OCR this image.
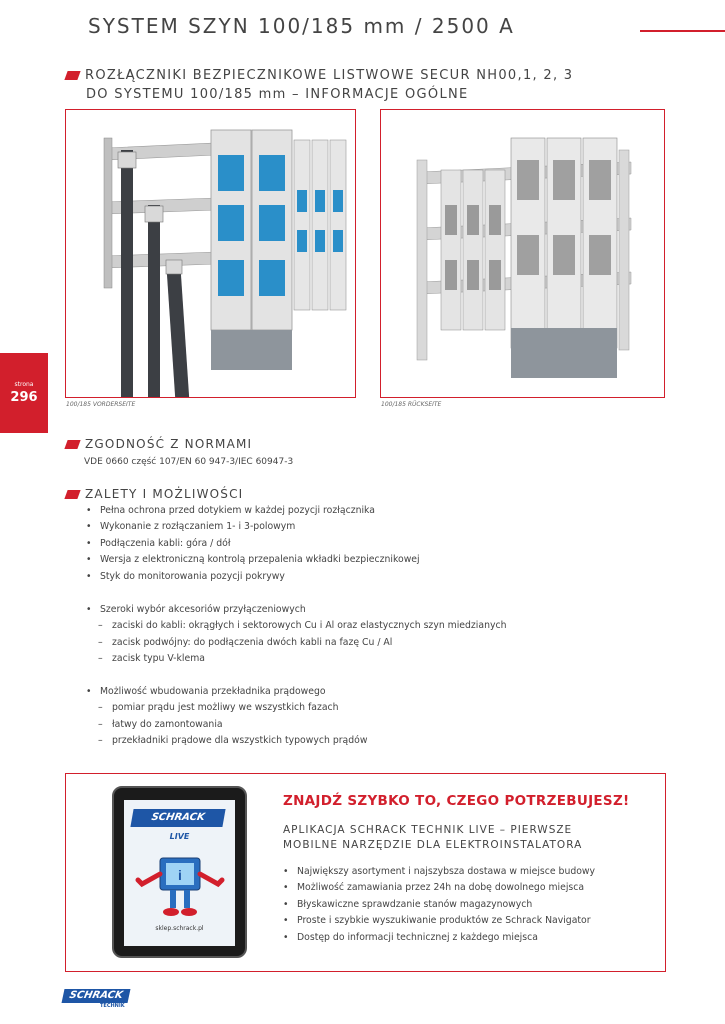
SYSTEM SZYN 100/185 mm / 2500 A
ROZŁĄCZNIKI BEZPIECZNIKOWE LISTWOWE SECUR NH00,1, 2, 3
DO SYSTEMU 100/185 mm – INFORMACJE OGÓLNE
100/185 VORDERSEITE	100/185 RÜCKSEITE
strona
296
ZGODNOŚĆ Z NORMAMI
VDE 0660 część 107/EN 60 947-3/IEC 60947-3
ZALETY I MOŻLIWOŚCI
• Pełna ochrona przed dotykiem w każdej pozycji rozłącznika
• Wykonanie z rozłączaniem 1- i 3-polowym
• Podłączenia kabli: góra / dół
• Wersja z elektroniczną kontrolą przepalenia wkładki bezpiecznikowej
• Styk do monitorowania pozycji pokrywy
• Szeroki wybór akcesoriów przyłączeniowych
– zaciski do kabli: okrągłych i sektorowych Cu i Al oraz elastycznych szyn miedzianych
– zacisk podwójny: do podłączenia dwóch kabli na fazę Cu / Al
– zacisk typu V-klema
• Możliwość wbudowania przekładnika prądowego
– pomiar prądu jest możliwy we wszystkich fazach
– łatwy do zamontowania
– przekładniki prądowe dla wszystkich typowych prądów
SCHRACK
LIVE
i
sklep.schrack.pl
ZNAJDŹ SZYBKO TO, CZEGO POTRZEBUJESZ!
APLIKACJA SCHRACK TECHNIK LIVE – PIERWSZE
MOBILNE NARZĘDZIE DLA ELEKTROINSTALATORA
• Największy asortyment i najszybsza dostawa w miejsce budowy
• Możliwość zamawiania przez 24h na dobę dowolnego miejsca
• Błyskawiczne sprawdzanie stanów magazynowych
• Proste i szybkie wyszukiwanie produktów ze Schrack Navigator
• Dostęp do informacji technicznej z każdego miejsca
SCHRACK
TECHNIK
